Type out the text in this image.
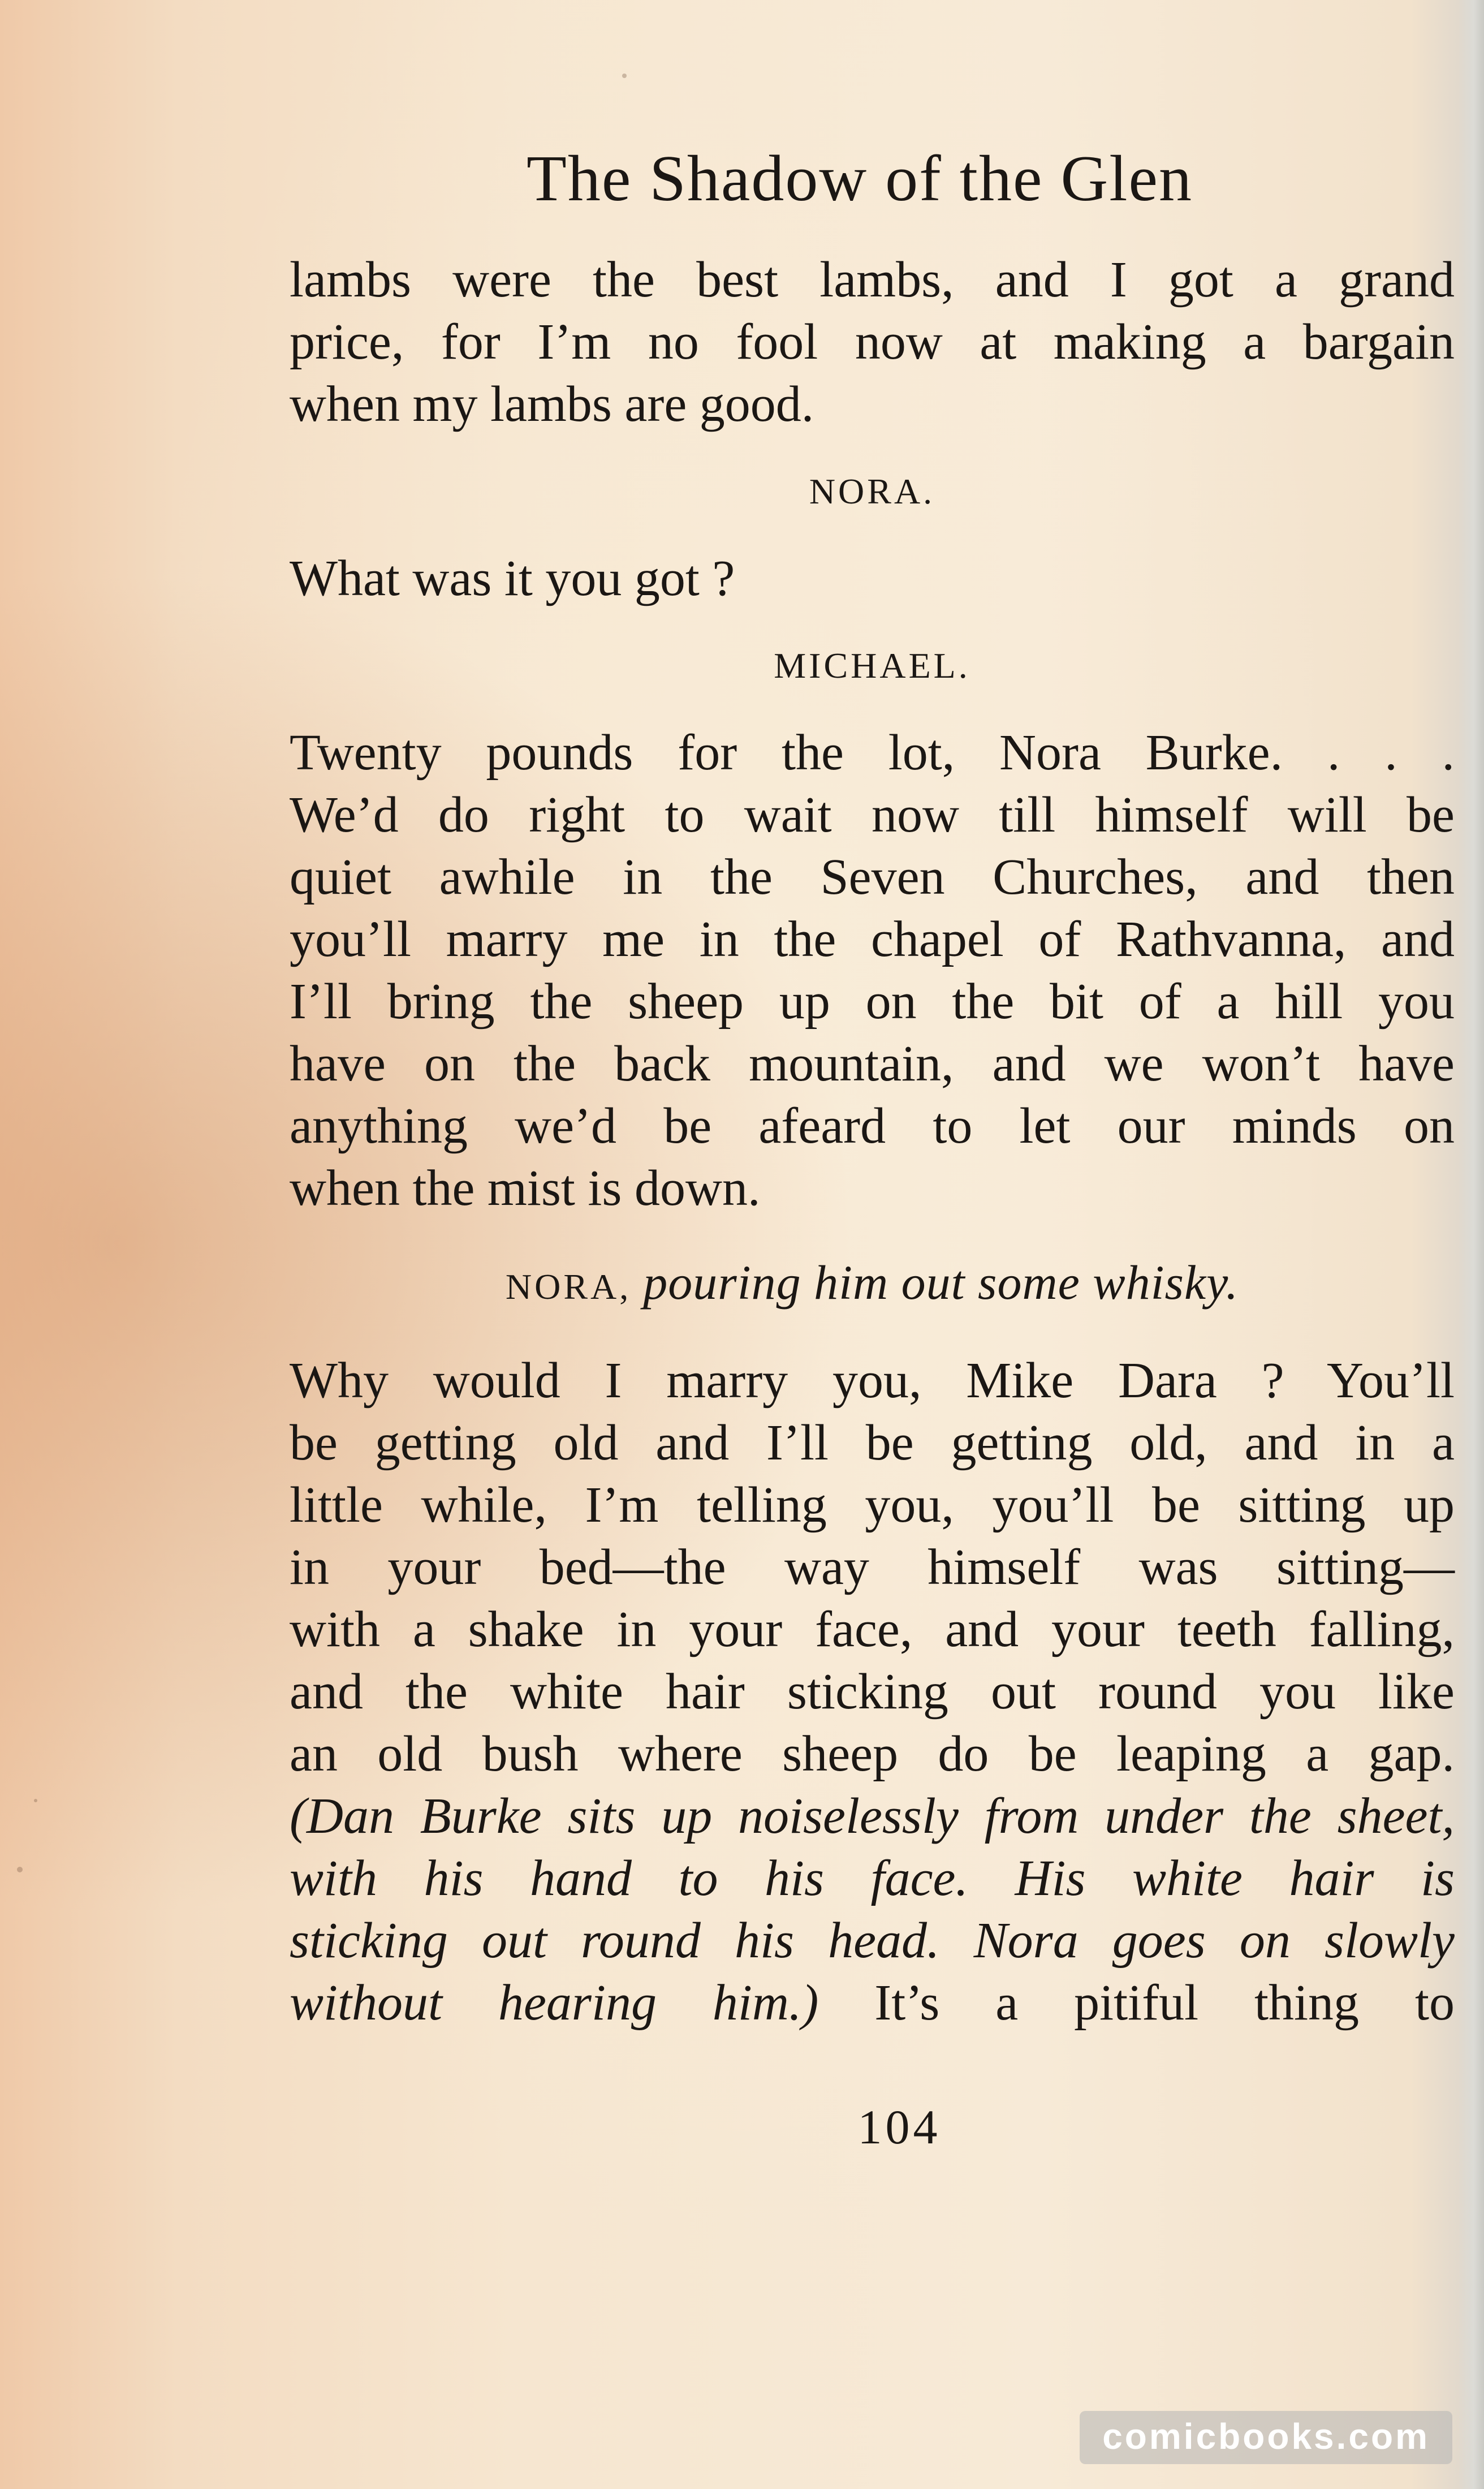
The Shadow of the Glen
lambs were the best lambs, and I got a grand
price, for I’m no fool now at making a bargain
when my lambs are good.
NORA.
What was it you got ?
MICHAEL.
Twenty pounds for the lot, Nora Burke. . . .
We’d do right to wait now till himself will be
quiet awhile in the Seven Churches, and then
you’ll marry me in the chapel of Rathvanna, and
I’ll bring the sheep up on the bit of a hill you
have on the back mountain, and we won’t have
anything we’d be afeard to let our minds on
when the mist is down.
NORA, pouring him out some whisky.
Why would I marry you, Mike Dara ? You’ll
be getting old and I’ll be getting old, and in a
little while, I’m telling you, you’ll be sitting up
in your bed—the way himself was sitting—
with a shake in your face, and your teeth falling,
and the white hair sticking out round you like
an old bush where sheep do be leaping a gap.
(Dan Burke sits up noiselessly from under the sheet,
with his hand to his face. His white hair is
sticking out round his head. Nora goes on slowly
without hearing him.) It’s a pitiful thing to

104

comicbooks.com
